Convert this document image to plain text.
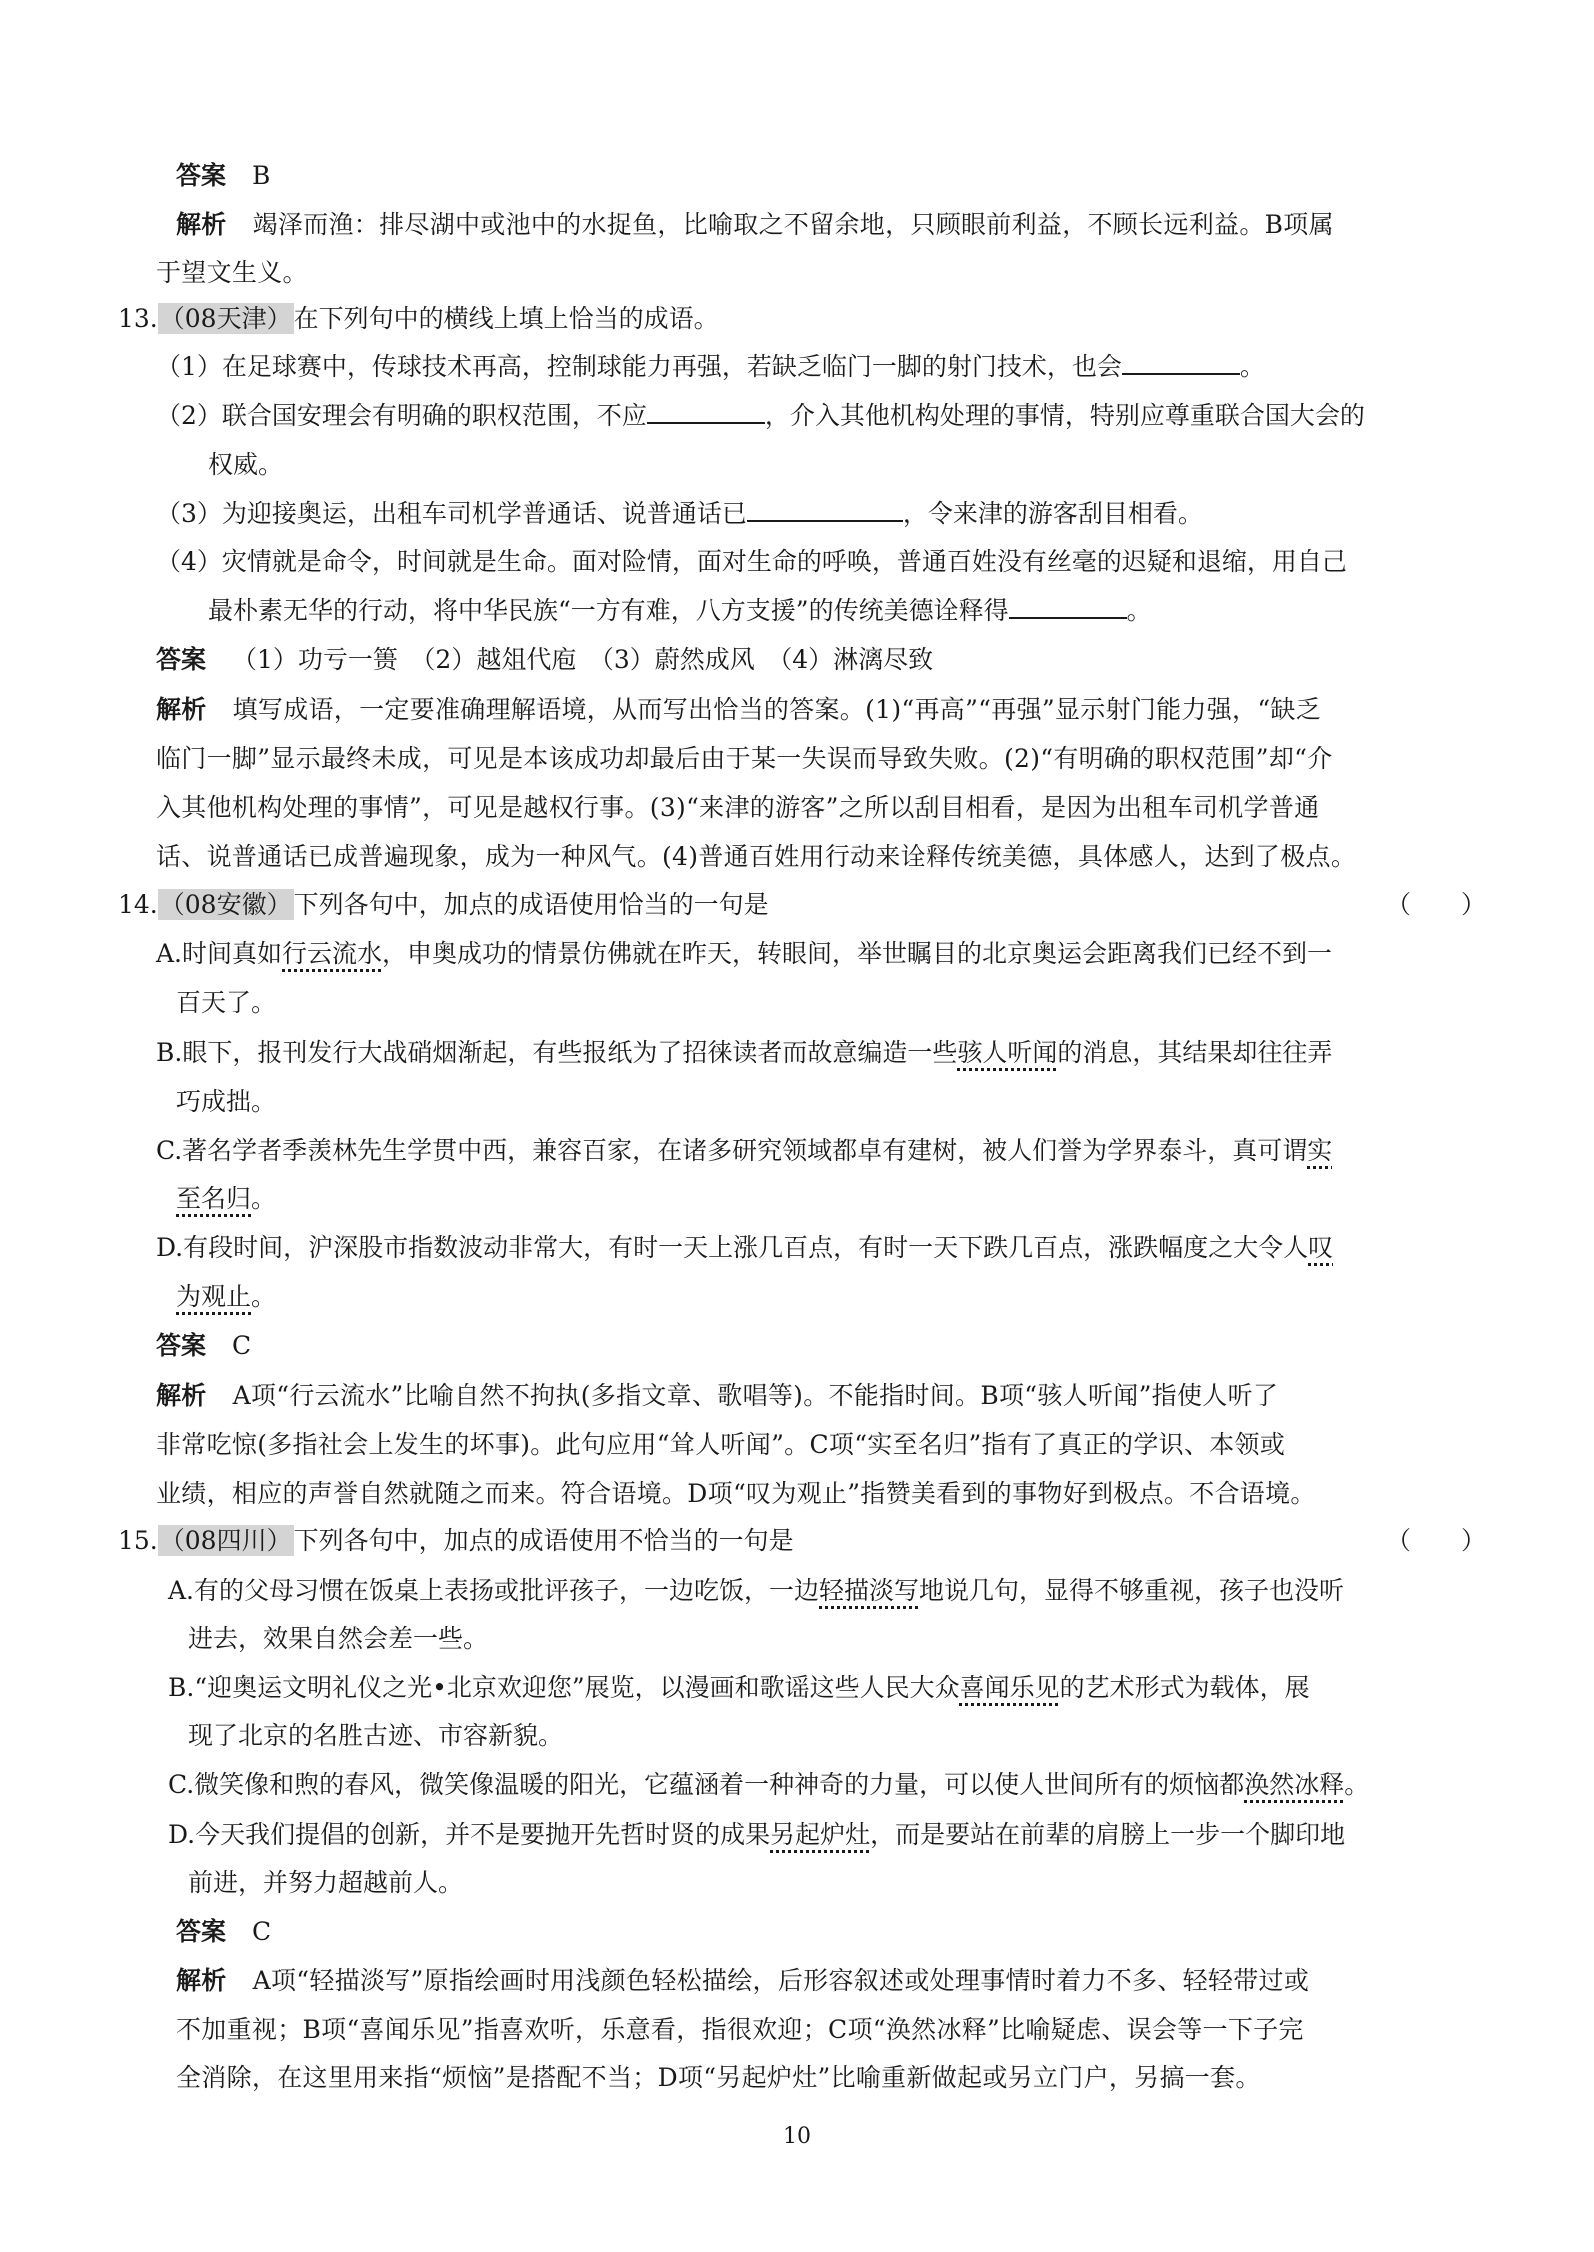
答案 B
解析 竭泽而渔：排尽湖中或池中的水捉鱼，比喻取之不留余地，只顾眼前利益，不顾长远利益。B项属
于望文生义。
13.（08天津）在下列句中的横线上填上恰当的成语。
（1）在足球赛中，传球技术再高，控制球能力再强，若缺乏临门一脚的射门技术，也会	。
（2）联合国安理会有明确的职权范围，不应	，介入其他机构处理的事情，特别应尊重联合国大会的
权威。
（3）为迎接奥运，出租车司机学普通话、说普通话已	，令来津的游客刮目相看。
（4）灾情就是命令，时间就是生命。面对险情，面对生命的呼唤，普通百姓没有丝毫的迟疑和退缩，用自己
最朴素无华的行动，将中华民族“一方有难，八方支援”的传统美德诠释得	。
答案 （1）功亏一篑　（2）越俎代庖　（3）蔚然成风　（4）淋漓尽致
解析 填写成语，一定要准确理解语境，从而写出恰当的答案。(1)“再高”“再强”显示射门能力强，“缺乏
临门一脚”显示最终未成，可见是本该成功却最后由于某一失误而导致失败。(2)“有明确的职权范围”却“介
入其他机构处理的事情”，可见是越权行事。(3)“来津的游客”之所以刮目相看，是因为出租车司机学普通
话、说普通话已成普遍现象，成为一种风气。(4)普通百姓用行动来诠释传统美德，具体感人，达到了极点。
14.（08安徽）下列各句中，加点的成语使用恰当的一句是	（　　）
A.时间真如行云流水，申奥成功的情景仿佛就在昨天，转眼间，举世瞩目的北京奥运会距离我们已经不到一
百天了。
B.眼下，报刊发行大战硝烟渐起，有些报纸为了招徕读者而故意编造一些骇人听闻的消息，其结果却往往弄
巧成拙。
C.著名学者季羡林先生学贯中西，兼容百家，在诸多研究领域都卓有建树，被人们誉为学界泰斗，真可谓实
至名归。
D.有段时间，沪深股市指数波动非常大，有时一天上涨几百点，有时一天下跌几百点，涨跌幅度之大令人叹
为观止。
答案 C
解析 A项“行云流水”比喻自然不拘执(多指文章、歌唱等)。不能指时间。B项“骇人听闻”指使人听了
非常吃惊(多指社会上发生的坏事)。此句应用“耸人听闻”。C项“实至名归”指有了真正的学识、本领或
业绩，相应的声誉自然就随之而来。符合语境。D项“叹为观止”指赞美看到的事物好到极点。不合语境。
15.（08四川）下列各句中，加点的成语使用不恰当的一句是	（　　）
A.有的父母习惯在饭桌上表扬或批评孩子，一边吃饭，一边轻描淡写地说几句，显得不够重视，孩子也没听
进去，效果自然会差一些。
B.“迎奥运文明礼仪之光•北京欢迎您”展览，以漫画和歌谣这些人民大众喜闻乐见的艺术形式为载体，展
现了北京的名胜古迹、市容新貌。
C.微笑像和煦的春风，微笑像温暖的阳光，它蕴涵着一种神奇的力量，可以使人世间所有的烦恼都涣然冰释。
D.今天我们提倡的创新，并不是要抛开先哲时贤的成果另起炉灶，而是要站在前辈的肩膀上一步一个脚印地
前进，并努力超越前人。
答案 C
解析 A项“轻描淡写”原指绘画时用浅颜色轻松描绘，后形容叙述或处理事情时着力不多、轻轻带过或
不加重视；B项“喜闻乐见”指喜欢听，乐意看，指很欢迎；C项“涣然冰释”比喻疑虑、误会等一下子完
全消除，在这里用来指“烦恼”是搭配不当；D项“另起炉灶”比喻重新做起或另立门户，另搞一套。
10
